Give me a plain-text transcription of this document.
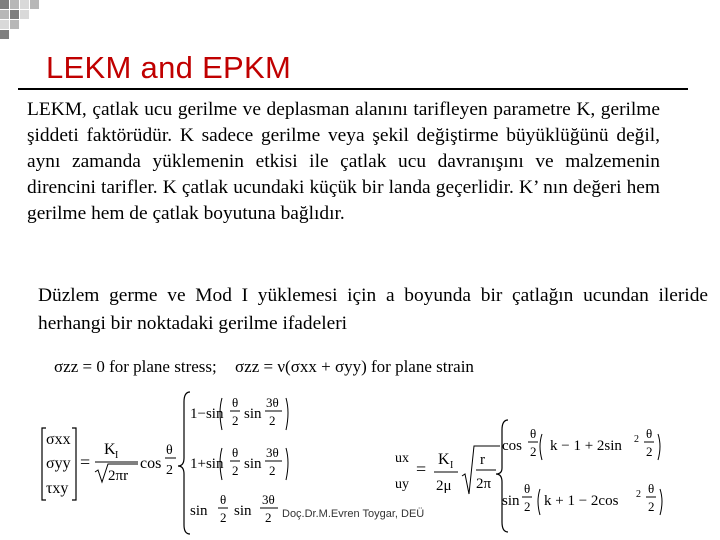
LEKM and EPKM

LEKM, çatlak ucu gerilme ve deplasman alanını tarifleyen parametre K, gerilme şiddeti faktörüdür. K sadece gerilme veya şekil değiştirme büyüklüğünü değil, aynı zamanda yüklemenin etkisi ile çatlak ucu davranışını ve malzemenin direncini tarifler. K çatlak ucundaki küçük bir landa geçerlidir. K’ nın değeri hem gerilme hem de çatlak boyutuna bağlıdır.

Düzlem germe ve Mod I yüklemesi için a boyunda bir çatlağın ucundan ileride herhangi bir noktadaki gerilme ifadeleri

σzz = 0 for plane stress; σzz = ν(σxx + σyy) for plane strain
σxx
σyy
τxy
=
K I
2πr
cos
θ
2
1−sin
θ
2 sin
3θ
2
1+sin
θ
2 sin
3θ
2
sin
θ
2 sin
3θ
2
ux
uy
= K I
2μ
r
2π
cos
θ
2 k − 1 + 2sin 2 θ
2
sin
θ
2 k + 1 − 2cos 2 θ
2
Doç.Dr.M.Evren Toygar, DEÜ
